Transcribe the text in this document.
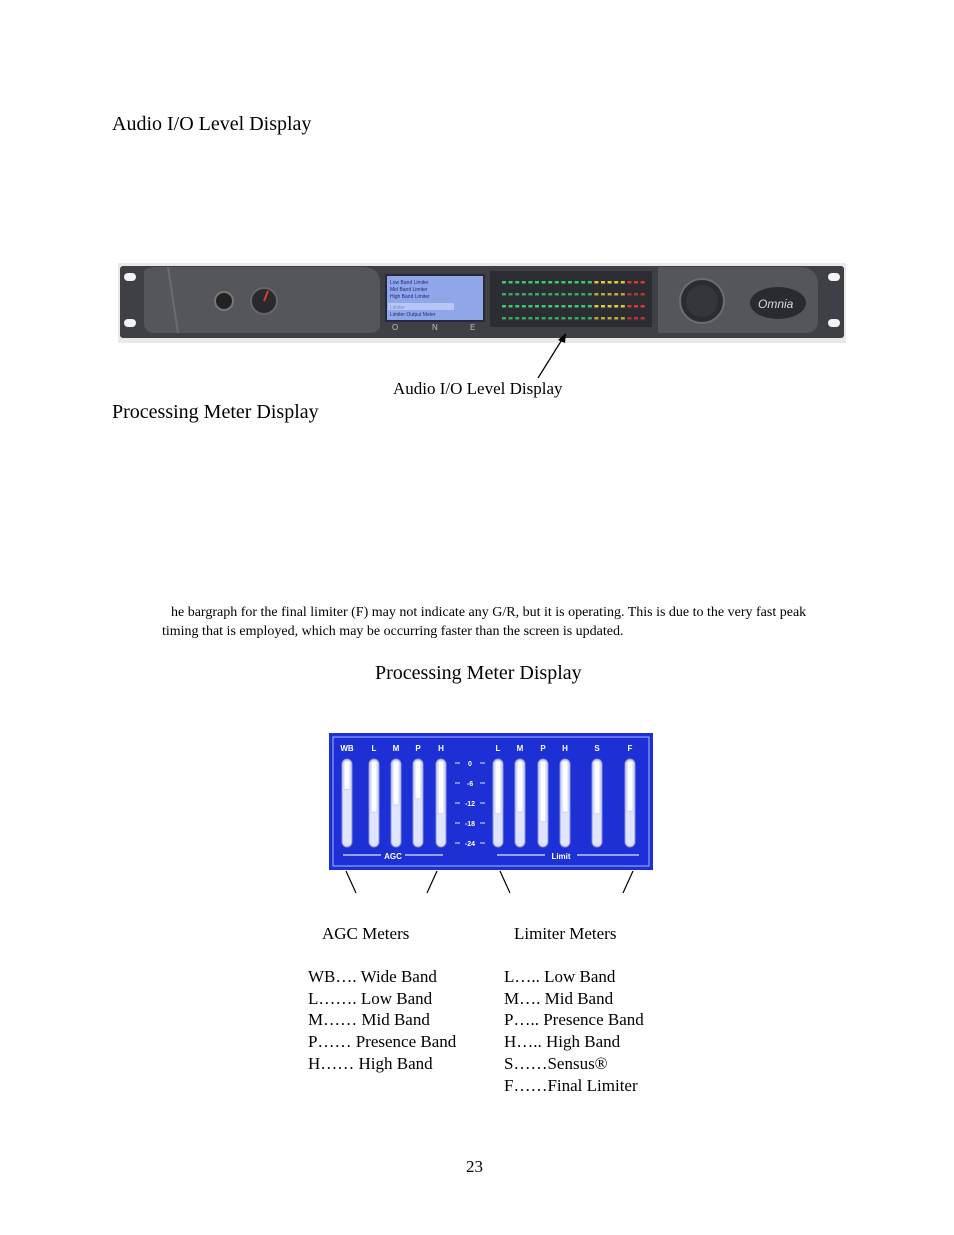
Audio I/O Level Display
Low Band Limiter
Mid Band Limiter
High Band Limiter
Limiter Output Meter
O	N	E
Omnia
Audio I/O Level Display
Processing Meter Display
he bargraph for the final limiter (F) may not indicate any G/R, but it is operating. This is due to the very fast peak timing that is employed, which may be occurring faster than the screen is updated.
Processing Meter Display
WB L M P H	L M P H	S	F
0
-6
-12
-18
-24
AGC	Limit
AGC Meters	Limiter Meters
WB…. Wide Band
L……. Low Band
M…… Mid Band
P…… Presence Band
H…… High Band
L….. Low Band
M…. Mid Band
P….. Presence Band
H….. High Band
S……Sensus®
F……Final Limiter
23
